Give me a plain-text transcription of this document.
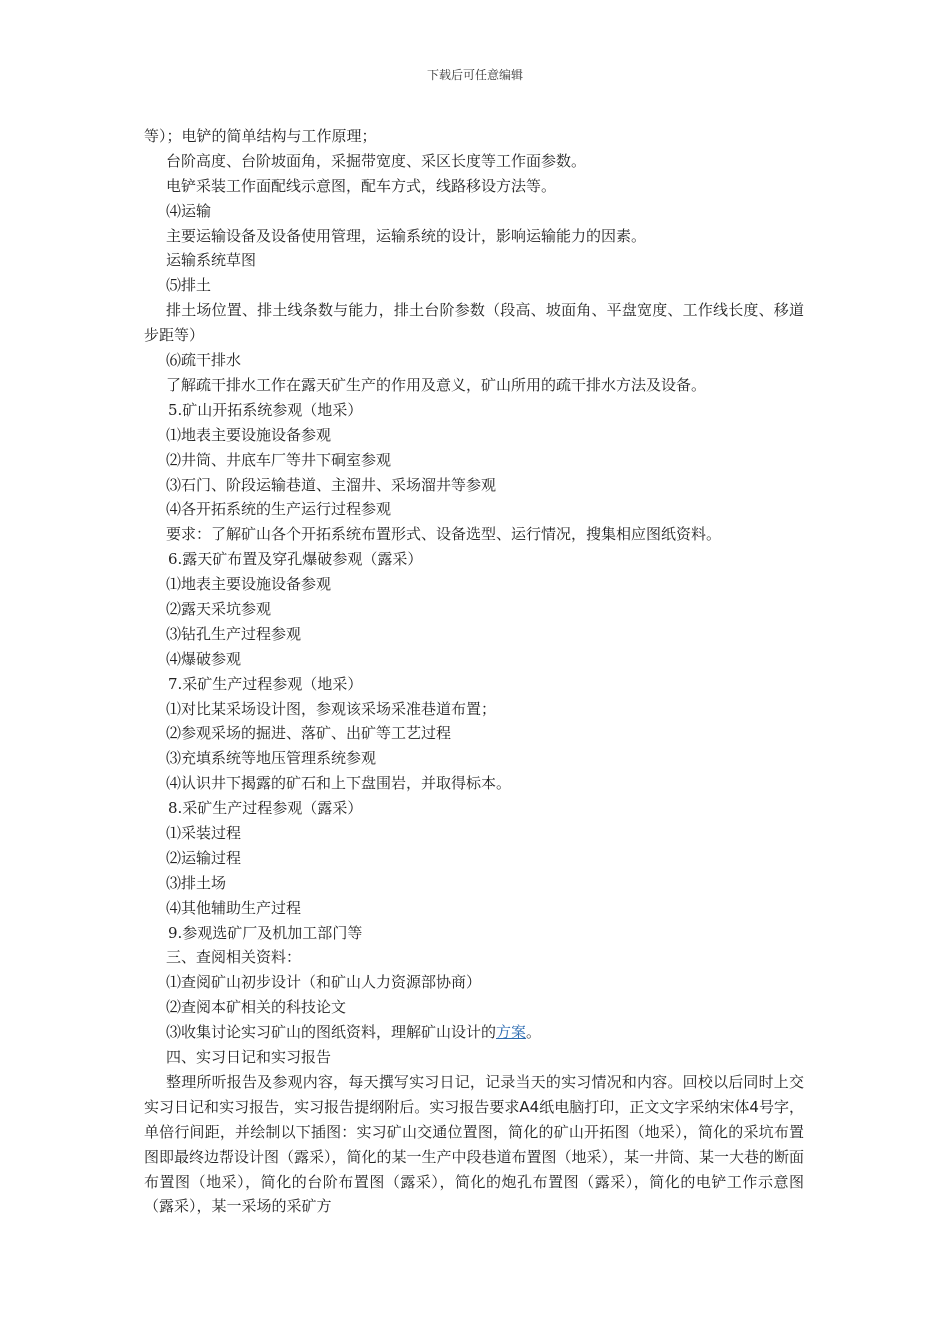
下载后可任意编辑
等）；电铲的简单结构与工作原理；
台阶高度、台阶坡面角，采掘带宽度、采区长度等工作面参数。
电铲采装工作面配线示意图，配车方式，线路移设方法等。
⑷运输
主要运输设备及设备使用管理，运输系统的设计，影响运输能力的因素。
运输系统草图
⑸排土
排土场位置、排土线条数与能力，排土台阶参数（段高、坡面角、平盘宽度、工作线长度、移道步距等）
⑹疏干排水
了解疏干排水工作在露天矿生产的作用及意义，矿山所用的疏干排水方法及设备。
5.矿山开拓系统参观（地采）
⑴地表主要设施设备参观
⑵井筒、井底车厂等井下硐室参观
⑶石门、阶段运输巷道、主溜井、采场溜井等参观
⑷各开拓系统的生产运行过程参观
要求：了解矿山各个开拓系统布置形式、设备选型、运行情况，搜集相应图纸资料。
6.露天矿布置及穿孔爆破参观（露采）
⑴地表主要设施设备参观
⑵露天采坑参观
⑶钻孔生产过程参观
⑷爆破参观
7.采矿生产过程参观（地采）
⑴对比某采场设计图，参观该采场采准巷道布置；
⑵参观采场的掘进、落矿、出矿等工艺过程
⑶充填系统等地压管理系统参观
⑷认识井下揭露的矿石和上下盘围岩，并取得标本。
8.采矿生产过程参观（露采）
⑴采装过程
⑵运输过程
⑶排土场
⑷其他辅助生产过程
9.参观选矿厂及机加工部门等
三、查阅相关资料：
⑴查阅矿山初步设计（和矿山人力资源部协商）
⑵查阅本矿相关的科技论文
⑶收集讨论实习矿山的图纸资料，理解矿山设计的方案。
四、实习日记和实习报告
整理所听报告及参观内容，每天撰写实习日记，记录当天的实习情况和内容。回校以后同时上交实习日记和实习报告，实习报告提纲附后。实习报告要求A4纸电脑打印，正文文字采纳宋体4号字，单倍行间距，并绘制以下插图：实习矿山交通位置图，简化的矿山开拓图（地采），简化的采坑布置图即最终边帮设计图（露采），简化的某一生产中段巷道布置图（地采），某一井筒、某一大巷的断面布置图（地采），简化的台阶布置图（露采），简化的炮孔布置图（露采），简化的电铲工作示意图（露采），某一采场的采矿方
